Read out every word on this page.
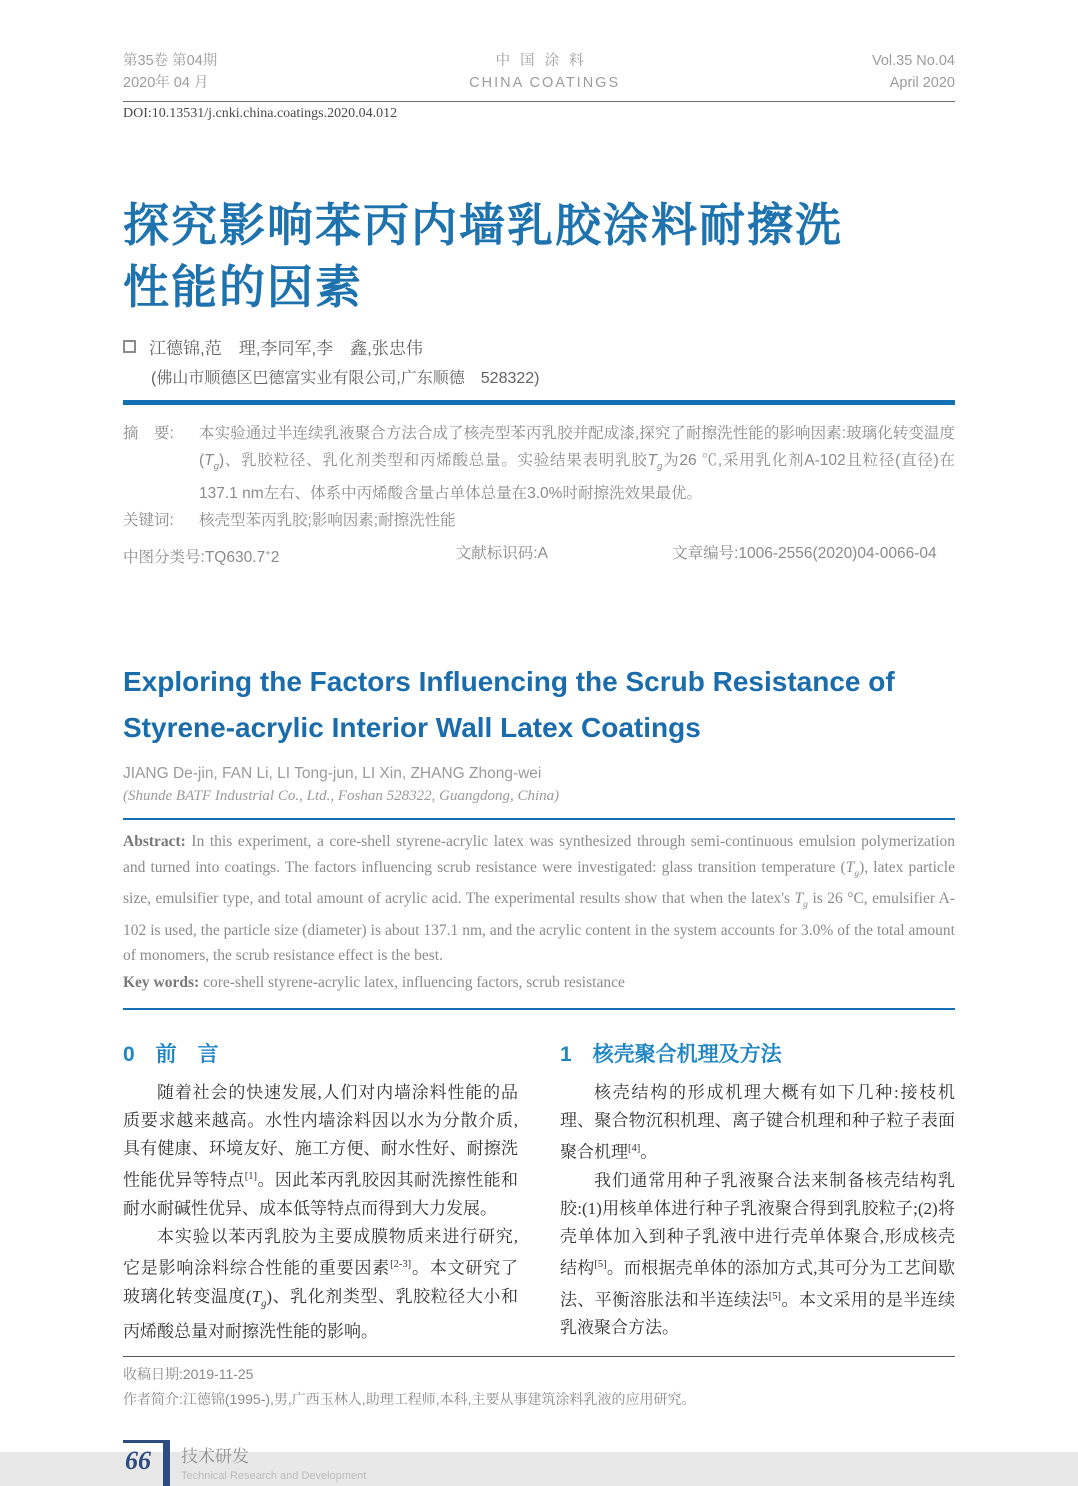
第35卷 第04期
2020年 04 月
中国涂料
CHINA COATINGS
Vol.35 No.04
April 2020
DOI:10.13531/j.cnki.china.coatings.2020.04.012
探究影响苯丙内墙乳胶涂料耐擦洗
性能的因素
江德锦,范　理,李同军,李　鑫,张忠伟
(佛山市顺德区巴德富实业有限公司,广东顺德　528322)
摘　要:	本实验通过半连续乳液聚合方法合成了核壳型苯丙乳胶并配成漆,探究了耐擦洗性能的影响因素:玻璃化转变温度$(T_g)$、乳胶粒径、乳化剂类型和丙烯酸总量。实验结果表明乳胶$T_g$为26 ℃,采用乳化剂A-102且粒径(直径)在137.1 nm左右、体系中丙烯酸含量占单体总量在3.0%时耐擦洗效果最优。
关键词:	核壳型苯丙乳胶;影响因素;耐擦洗性能
中图分类号:TQ630.7+2	文献标识码:A	文章编号:1006-2556(2020)04-0066-04
Exploring the Factors Influencing the Scrub Resistance of
Styrene-acrylic Interior Wall Latex Coatings
JIANG De-jin, FAN Li, LI Tong-jun, LI Xin, ZHANG Zhong-wei
(Shunde BATF Industrial Co., Ltd., Foshan 528322, Guangdong, China)
Abstract: In this experiment, a core-shell styrene-acrylic latex was synthesized through semi-continuous emulsion polymerization and turned into coatings. The factors influencing scrub resistance were investigated: glass transition temperature $(T_g)$, latex particle size, emulsifier type, and total amount of acrylic acid. The experimental results show that when the latex's $T_g$ is 26 °C, emulsifier A-102 is used, the particle size (diameter) is about 137.1 nm, and the acrylic content in the system accounts for 3.0% of the total amount of monomers, the scrub resistance effect is the best.
Key words: core-shell styrene-acrylic latex, influencing factors, scrub resistance
0　前　言

随着社会的快速发展,人们对内墙涂料性能的品质要求越来越高。水性内墙涂料因以水为分散介质,具有健康、环境友好、施工方便、耐水性好、耐擦洗性能优异等特点[1]。因此苯丙乳胶因其耐洗擦性能和耐水耐碱性优异、成本低等特点而得到大力发展。

本实验以苯丙乳胶为主要成膜物质来进行研究,它是影响涂料综合性能的重要因素[2-3]。本文研究了玻璃化转变温度$(T_g)$、乳化剂类型、乳胶粒径大小和丙烯酸总量对耐擦洗性能的影响。

1　核壳聚合机理及方法

核壳结构的形成机理大概有如下几种:接枝机理、聚合物沉积机理、离子键合机理和种子粒子表面聚合机理[4]。

我们通常用种子乳液聚合法来制备核壳结构乳胶:(1)用核单体进行种子乳液聚合得到乳胶粒子;(2)将壳单体加入到种子乳液中进行壳单体聚合,形成核壳结构[5]。而根据壳单体的添加方式,其可分为工艺间歇法、平衡溶胀法和半连续法[5]。本文采用的是半连续乳液聚合方法。

收稿日期:2019-11-25
作者简介:江德锦(1995-),男,广西玉林人,助理工程师,本科,主要从事建筑涂料乳液的应用研究。
66	技术研发
Technical Research and Development
